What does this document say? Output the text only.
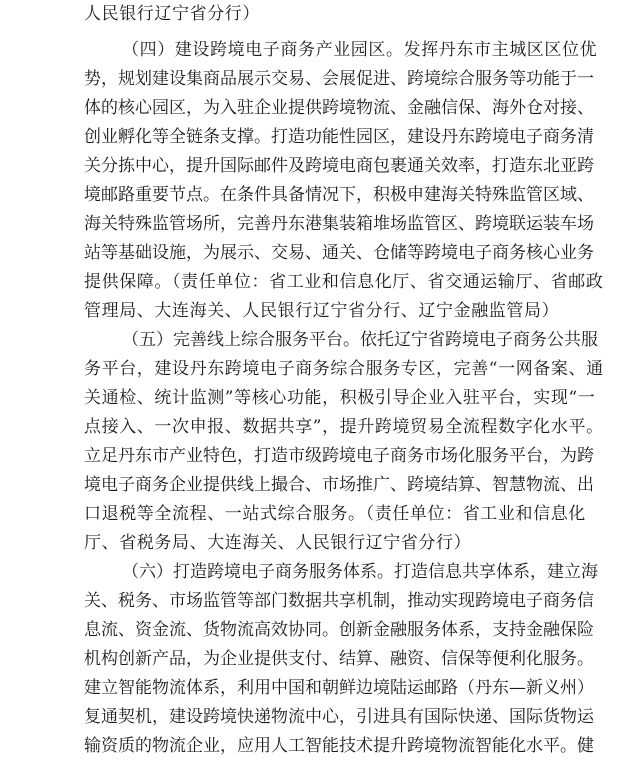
人民银行辽宁省分行）
（四）建设跨境电子商务产业园区。发挥丹东市主城区区位优
势，规划建设集商品展示交易、会展促进、跨境综合服务等功能于一
体的核心园区，为入驻企业提供跨境物流、金融信保、海外仓对接、
创业孵化等全链条支撑。打造功能性园区，建设丹东跨境电子商务清
关分拣中心，提升国际邮件及跨境电商包裹通关效率，打造东北亚跨
境邮路重要节点。在条件具备情况下，积极申建海关特殊监管区域、
海关特殊监管场所，完善丹东港集装箱堆场监管区、跨境联运装车场
站等基础设施，为展示、交易、通关、仓储等跨境电子商务核心业务
提供保障。（责任单位：省工业和信息化厅、省交通运输厅、省邮政
管理局、大连海关、人民银行辽宁省分行、辽宁金融监管局）
（五）完善线上综合服务平台。依托辽宁省跨境电子商务公共服
务平台，建设丹东跨境电子商务综合服务专区，完善“一网备案、通
关通检、统计监测”等核心功能，积极引导企业入驻平台，实现“一
点接入、一次申报、数据共享”，提升跨境贸易全流程数字化水平。
立足丹东市产业特色，打造市级跨境电子商务市场化服务平台，为跨
境电子商务企业提供线上撮合、市场推广、跨境结算、智慧物流、出
口退税等全流程、一站式综合服务。（责任单位：省工业和信息化
厅、省税务局、大连海关、人民银行辽宁省分行）
（六）打造跨境电子商务服务体系。打造信息共享体系，建立海
关、税务、市场监管等部门数据共享机制，推动实现跨境电子商务信
息流、资金流、货物流高效协同。创新金融服务体系，支持金融保险
机构创新产品，为企业提供支付、结算、融资、信保等便利化服务。
建立智能物流体系，利用中国和朝鲜边境陆运邮路（丹东—新义州）
复通契机，建设跨境快递物流中心，引进具有国际快递、国际货物运
输资质的物流企业，应用人工智能技术提升跨境物流智能化水平。健
